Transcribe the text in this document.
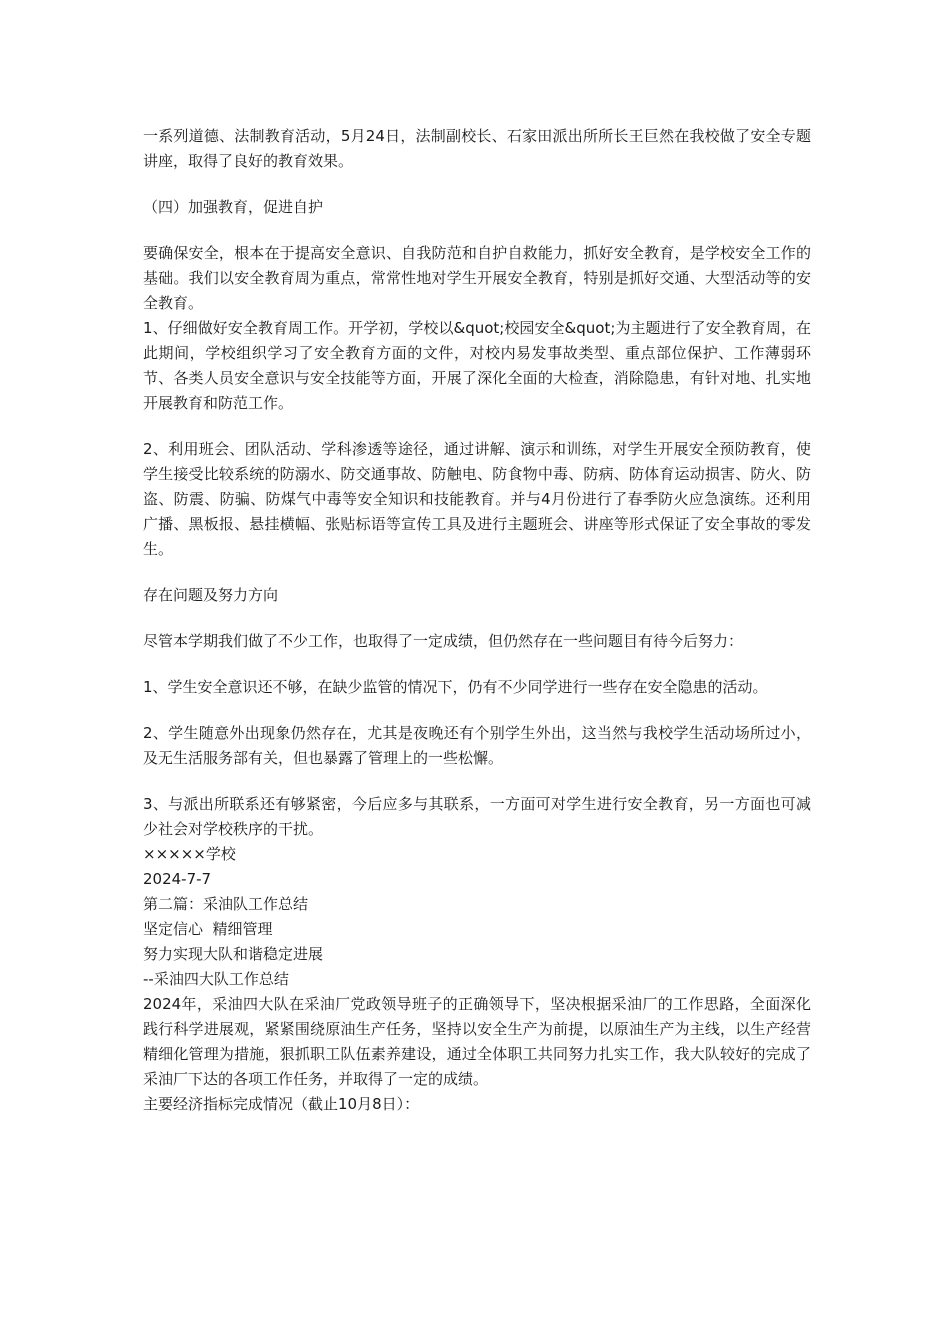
一系列道德、法制教育活动，5月24日，法制副校长、石家田派出所所长王巨然在我校做了安全专题讲座，取得了良好的教育效果。

（四）加强教育，促进自护

要确保安全，根本在于提高安全意识、自我防范和自护自救能力，抓好安全教育，是学校安全工作的基础。我们以安全教育周为重点，常常性地对学生开展安全教育，特别是抓好交通、大型活动等的安全教育。

1、仔细做好安全教育周工作。开学初，学校以&quot;校园安全&quot;为主题进行了安全教育周，在此期间，学校组织学习了安全教育方面的文件，对校内易发事故类型、重点部位保护、工作薄弱环节、各类人员安全意识与安全技能等方面，开展了深化全面的大检查，消除隐患，有针对地、扎实地开展教育和防范工作。

2、利用班会、团队活动、学科渗透等途径，通过讲解、演示和训练，对学生开展安全预防教育，使学生接受比较系统的防溺水、防交通事故、防触电、防食物中毒、防病、防体育运动损害、防火、防盗、防震、防骗、防煤气中毒等安全知识和技能教育。并与4月份进行了春季防火应急演练。还利用广播、黑板报、悬挂横幅、张贴标语等宣传工具及进行主题班会、讲座等形式保证了安全事故的零发生。

存在问题及努力方向

尽管本学期我们做了不少工作，也取得了一定成绩，但仍然存在一些问题目有待今后努力：

1、学生安全意识还不够，在缺少监管的情况下，仍有不少同学进行一些存在安全隐患的活动。

2、学生随意外出现象仍然存在，尤其是夜晚还有个别学生外出，这当然与我校学生活动场所过小，及无生活服务部有关，但也暴露了管理上的一些松懈。

3、与派出所联系还有够紧密，今后应多与其联系，一方面可对学生进行安全教育，另一方面也可减少社会对学校秩序的干扰。

×××××学校

2024-7-7

第二篇：采油队工作总结

坚定信心  精细管理

努力实现大队和谐稳定进展

--采油四大队工作总结

2024年，采油四大队在采油厂党政领导班子的正确领导下，坚决根据采油厂的工作思路，全面深化践行科学进展观，紧紧围绕原油生产任务，坚持以安全生产为前提，以原油生产为主线，以生产经营精细化管理为措施，狠抓职工队伍素养建设，通过全体职工共同努力扎实工作，我大队较好的完成了采油厂下达的各项工作任务，并取得了一定的成绩。

主要经济指标完成情况（截止10月8日）：
